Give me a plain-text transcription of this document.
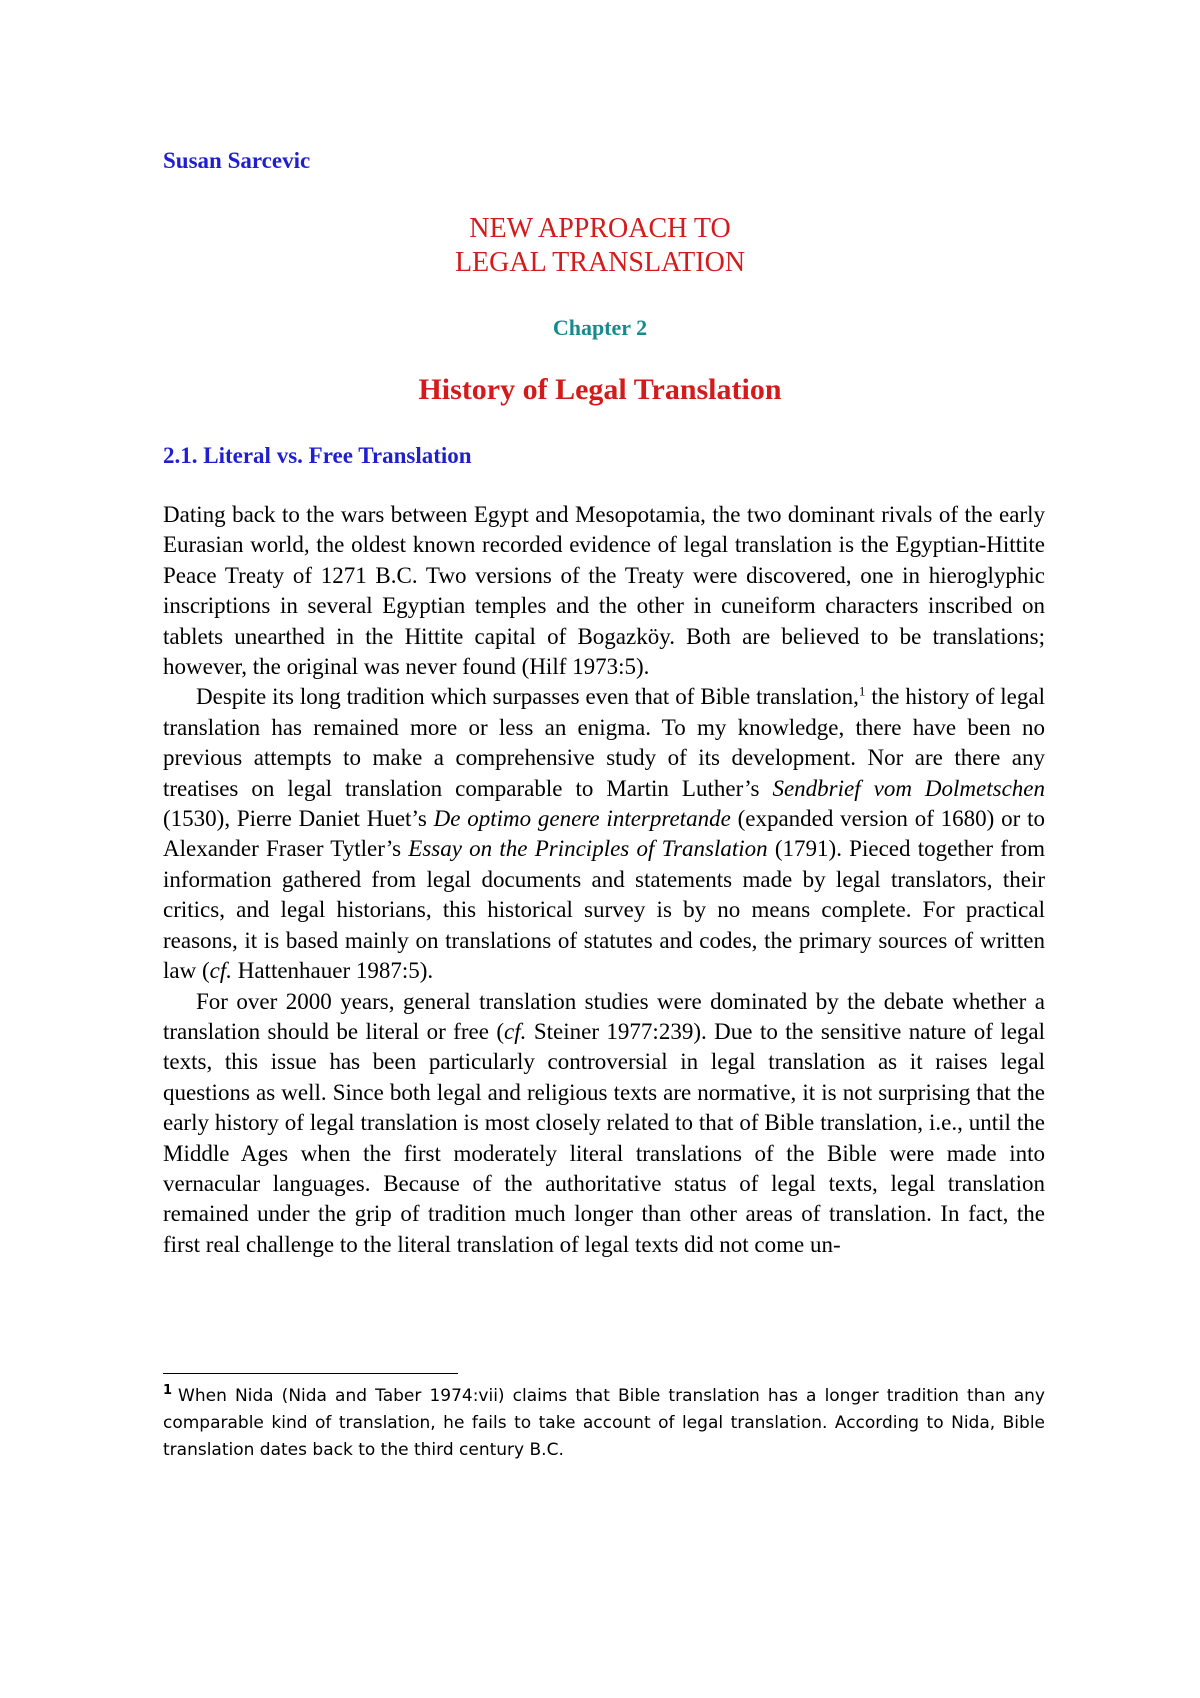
Susan Sarcevic
NEW APPROACH TO
LEGAL TRANSLATION
Chapter 2
History of Legal Translation
2.1. Literal vs. Free Translation

Dating back to the wars between Egypt and Mesopotamia, the two dominant rivals of the early Eurasian world, the oldest known recorded evidence of legal translation is the Egyptian-Hittite Peace Treaty of 1271 B.C. Two versions of the Treaty were discovered, one in hieroglyphic inscriptions in several Egyptian temples and the other in cuneiform characters inscribed on tablets unearthed in the Hittite capital of Bogazköy. Both are believed to be translations; however, the original was never found (Hilf 1973:5).

Despite its long tradition which surpasses even that of Bible translation,$^1$ the history of legal translation has remained more or less an enigma. To my knowledge, there have been no previous attempts to make a comprehensive study of its development. Nor are there any treatises on legal translation comparable to Martin Luther’s Sendbrief vom Dolmetschen (1530), Pierre Daniet Huet’s De optimo genere interpretande (expanded version of 1680) or to Alexander Fraser Tytler’s Essay on the Principles of Translation (1791). Pieced together from information gathered from legal documents and statements made by legal translators, their critics, and legal historians, this historical survey is by no means complete. For practical reasons, it is based mainly on translations of statutes and codes, the primary sources of written law (cf. Hattenhauer 1987:5).

For over 2000 years, general translation studies were dominated by the debate whether a translation should be literal or free (cf. Steiner 1977:239). Due to the sensitive nature of legal texts, this issue has been particularly controversial in legal translation as it raises legal questions as well. Since both legal and religious texts are normative, it is not surprising that the early history of legal translation is most closely related to that of Bible translation, i.e., until the Middle Ages when the first moderately literal translations of the Bible were made into vernacular languages. Because of the authoritative status of legal texts, legal translation remained under the grip of tradition much longer than other areas of translation. In fact, the first real challenge to the literal translation of legal texts did not come un-

$^1$ When Nida (Nida and Taber 1974:vii) claims that Bible translation has a longer tradition than any comparable kind of translation, he fails to take account of legal translation. According to Nida, Bible translation dates back to the third century B.C.
